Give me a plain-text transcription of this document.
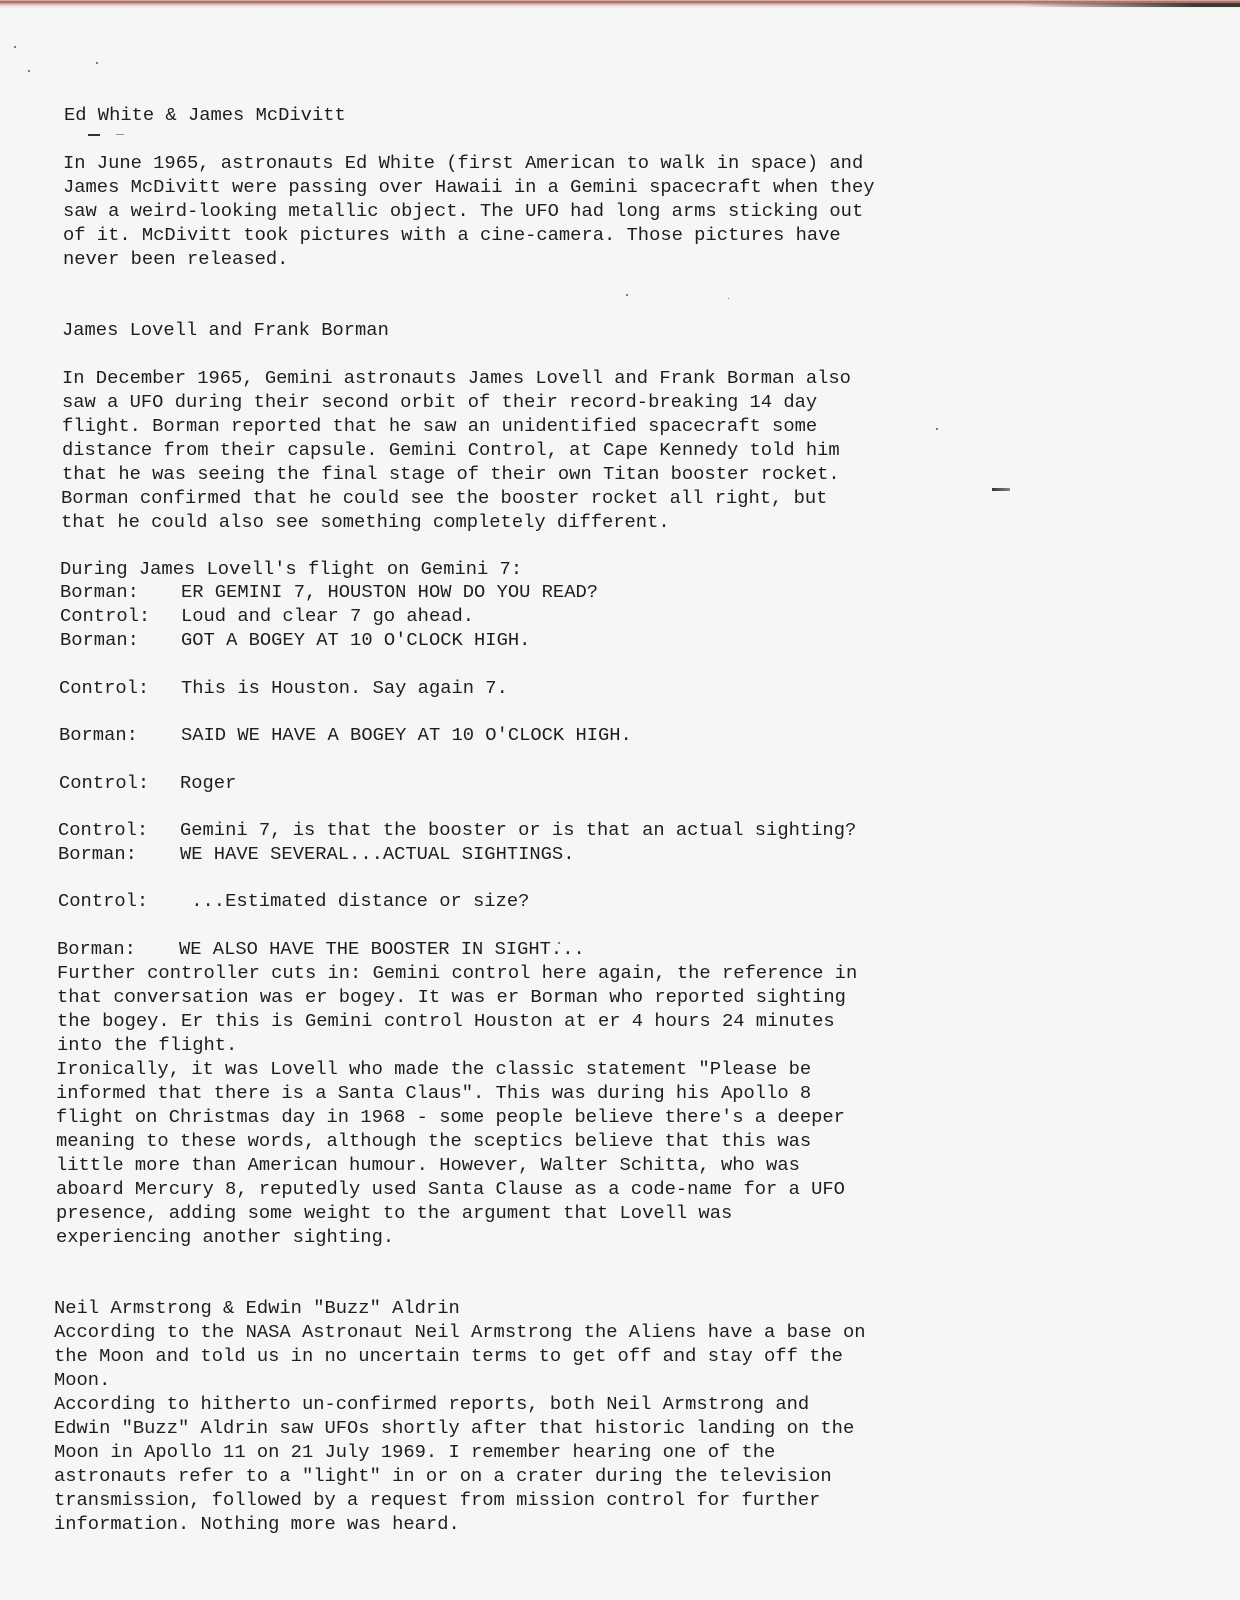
Ed White & James McDivitt

In June 1965, astronauts Ed White (first American to walk in space) and

James McDivitt were passing over Hawaii in a Gemini spacecraft when they

saw a weird-looking metallic object. The UFO had long arms sticking out

of it. McDivitt took pictures with a cine-camera. Those pictures have

never been released.

James Lovell and Frank Borman

In December 1965, Gemini astronauts James Lovell and Frank Borman also

saw a UFO during their second orbit of their record-breaking 14 day

flight. Borman reported that he saw an unidentified spacecraft some

distance from their capsule. Gemini Control, at Cape Kennedy told him

that he was seeing the final stage of their own Titan booster rocket.

Borman confirmed that he could see the booster rocket all right, but

that he could also see something completely different.

During James Lovell's flight on Gemini 7:

Borman: ER GEMINI 7, HOUSTON HOW DO YOU READ?

Control: Loud and clear 7 go ahead.

Borman: GOT A BOGEY AT 10 O'CLOCK HIGH.

Control: This is Houston. Say again 7.

Borman: SAID WE HAVE A BOGEY AT 10 O'CLOCK HIGH.

Control: Roger

Control: Gemini 7, is that the booster or is that an actual sighting?

Borman: WE HAVE SEVERAL...ACTUAL SIGHTINGS.

Control: ...Estimated distance or size?

Borman: WE ALSO HAVE THE BOOSTER IN SIGHT...

Further controller cuts in: Gemini control here again, the reference in

that conversation was er bogey. It was er Borman who reported sighting

the bogey. Er this is Gemini control Houston at er 4 hours 24 minutes

into the flight.

Ironically, it was Lovell who made the classic statement "Please be

informed that there is a Santa Claus". This was during his Apollo 8

flight on Christmas day in 1968 - some people believe there's a deeper

meaning to these words, although the sceptics believe that this was

little more than American humour. However, Walter Schitta, who was

aboard Mercury 8, reputedly used Santa Clause as a code-name for a UFO

presence, adding some weight to the argument that Lovell was

experiencing another sighting.

Neil Armstrong & Edwin "Buzz" Aldrin

According to the NASA Astronaut Neil Armstrong the Aliens have a base on

the Moon and told us in no uncertain terms to get off and stay off the

Moon.

According to hitherto un-confirmed reports, both Neil Armstrong and

Edwin "Buzz" Aldrin saw UFOs shortly after that historic landing on the

Moon in Apollo 11 on 21 July 1969. I remember hearing one of the

astronauts refer to a "light" in or on a crater during the television

transmission, followed by a request from mission control for further

information. Nothing more was heard.
